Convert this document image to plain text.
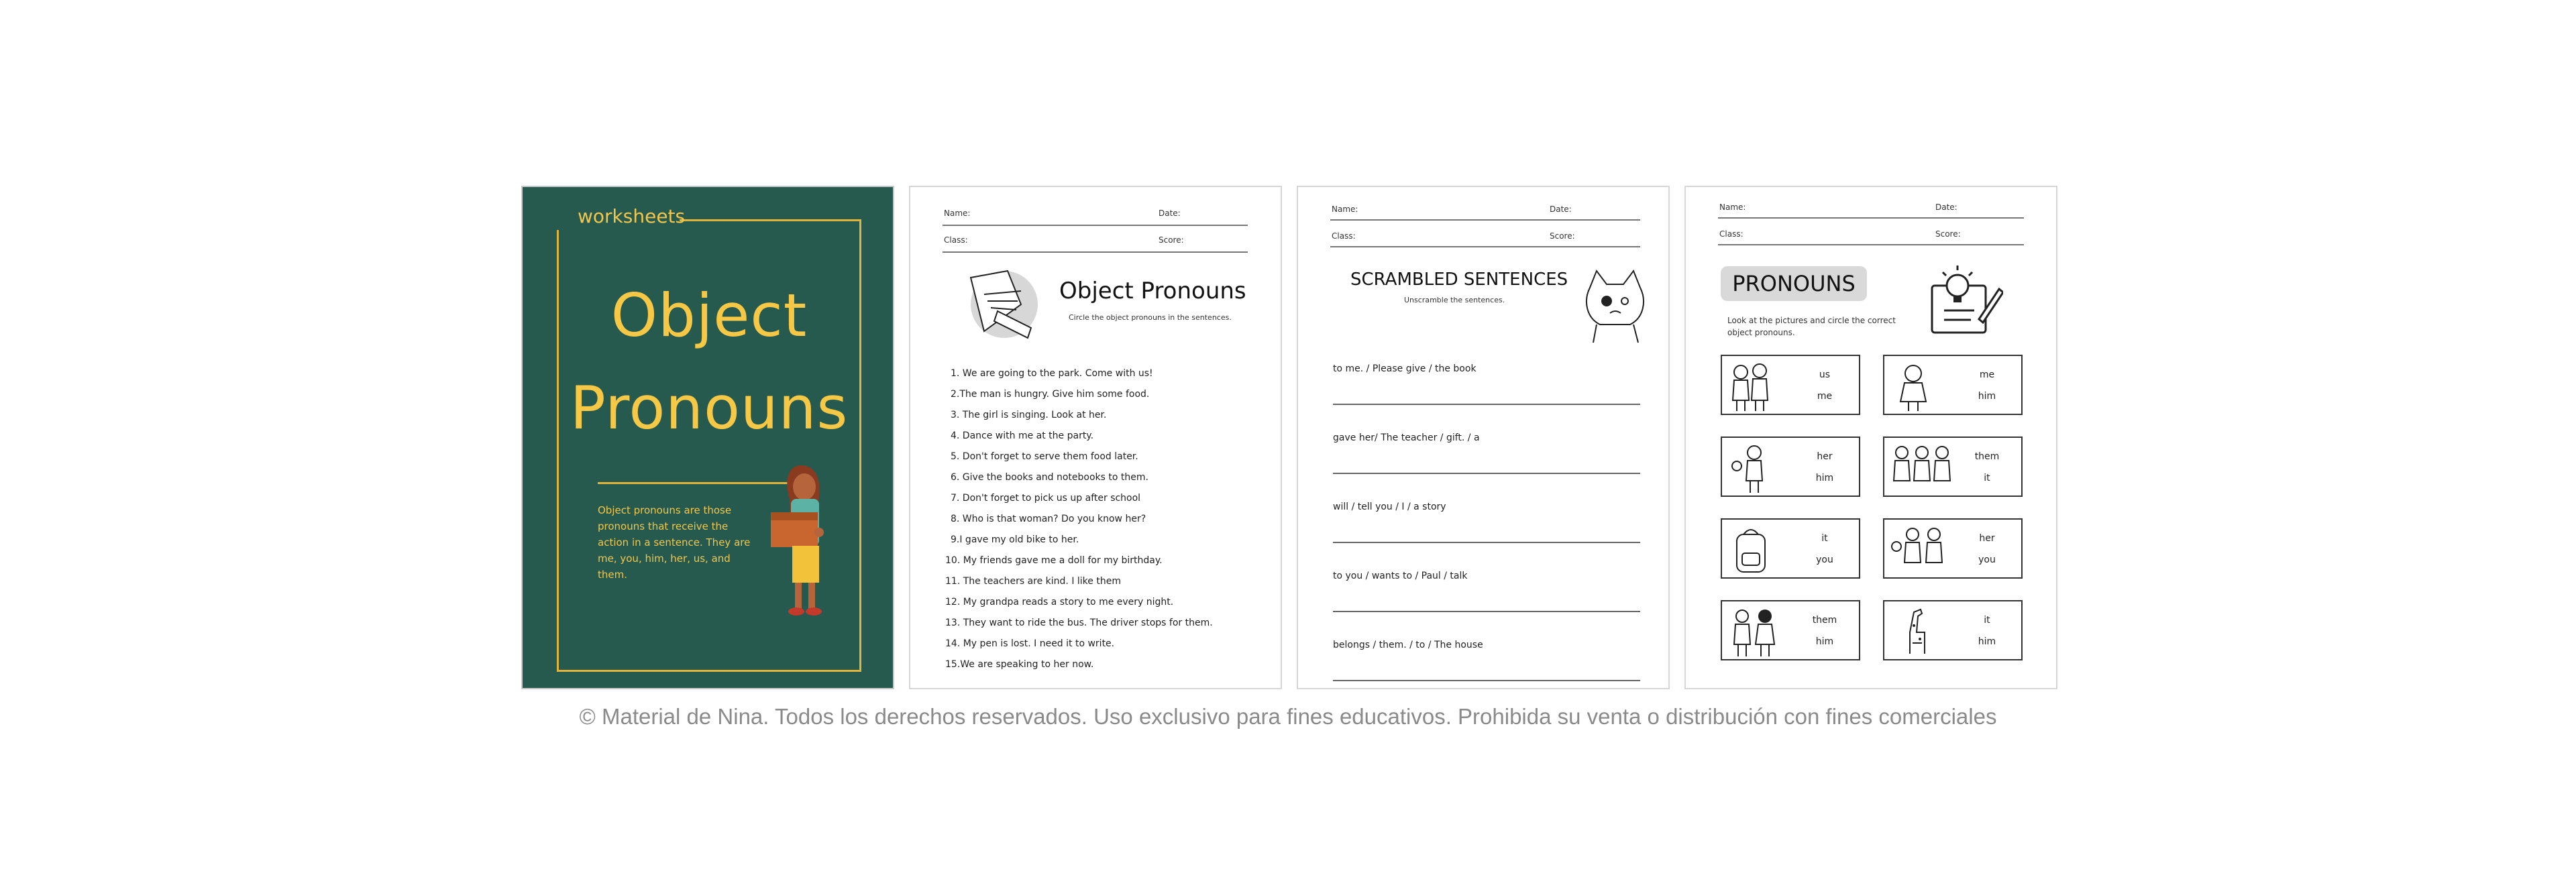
worksheets
Object
Pronouns
Object pronouns are those pronouns that receive the action in a sentence. They are me, you, him, her, us, and them.
Name:	Date:
Class:	Score:
Object Pronouns
Circle the object pronouns in the sentences.
1. We are going to the park. Come with us!
2.The man is hungry. Give him some food.
3. The girl is singing. Look at her.
4. Dance with me at the party.
5. Don't forget to serve them food later.
6. Give the books and notebooks to them.
7. Don't forget to pick us up after school
8. Who is that woman? Do you know her?
9.I gave my old bike to her.
10. My friends gave me a doll for my birthday.
11. The teachers are kind. I like them
12. My grandpa reads a story to me every night.
13. They want to ride the bus. The driver stops for them.
14. My pen is lost. I need it to write.
15.We are speaking to her now.
Name:	Date:
Class:	Score:
SCRAMBLED SENTENCES
Unscramble the sentences.
to me. / Please give / the book
gave her/ The teacher / gift. / a
will / tell you / I / a story
to you / wants to / Paul / talk
belongs / them. / to / The house
Name:	Date:
Class:	Score:
PRONOUNS
Look at the pictures and circle the correct object pronouns.
us
me
me
him
her
him
them
it
it
you
her
you
them
him
it
him
© Material de Nina. Todos los derechos reservados. Uso exclusivo para fines educativos. Prohibida su venta o distribución con fines comerciales
